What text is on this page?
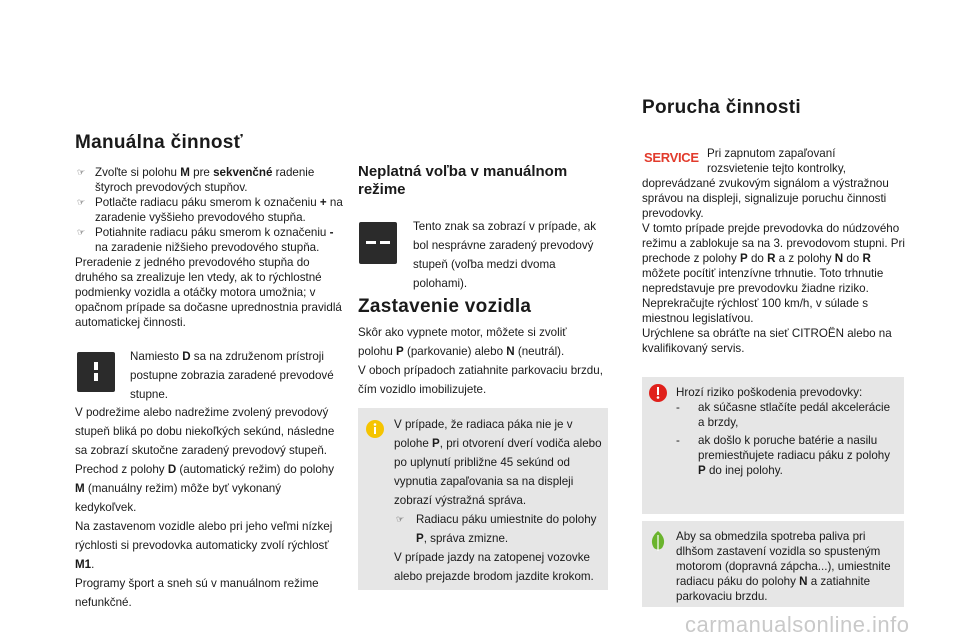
Manuálna činnosť
☞ Zvoľte si polohu M pre sekvenčné radenie štyroch prevodových stupňov.
☞ Potlačte radiacu páku smerom k označeniu + na zaradenie vyššieho prevodového stupňa.
☞ Potiahnite radiacu páku smerom k označeniu - na zaradenie nižšieho prevodového stupňa.

Preradenie z jedného prevodového stupňa do druhého sa zrealizuje len vtedy, ak to rýchlostné podmienky vozidla a otáčky motora umožnia; v opačnom prípade sa dočasne uprednostnia pravidlá automatickej činnosti.

Namiesto D sa na združenom prístroji postupne zobrazia zaradené prevodové stupne.

V podrežime alebo nadrežime zvolený prevodový stupeň bliká po dobu niekoľkých sekúnd, následne sa zobrazí skutočne zaradený prevodový stupeň.

Prechod z polohy D (automatický režim) do polohy M (manuálny režim) môže byť vykonaný kedykoľvek.

Na zastavenom vozidle alebo pri jeho veľmi nízkej rýchlosti si prevodovka automaticky zvolí rýchlosť M1.

Programy šport a sneh sú v manuálnom režime nefunkčné.

Neplatná voľba v manuálnom režime
Tento znak sa zobrazí v prípade, ak bol nesprávne zaradený prevodový stupeň (voľba medzi dvoma polohami).
Zastavenie vozidla

Skôr ako vypnete motor, môžete si zvoliť polohu P (parkovanie) alebo N (neutrál).

V oboch prípadoch zatiahnite parkovaciu brzdu, čím vozidlo imobilizujete.

V prípade, že radiaca páka nie je v polohe P, pri otvorení dverí vodiča alebo po uplynutí približne 45 sekúnd od vypnutia zapaľovania sa na displeji zobrazí výstražná správa.

☞ Radiacu páku umiestnite do polohy P, správa zmizne.

V prípade jazdy na zatopenej vozovke alebo prejazde brodom jazdite krokom.

Porucha činnosti
SERVICE Pri zapnutom zapaľovaní rozsvietenie tejto kontrolky,

doprevádzané zvukovým signálom a výstražnou správou na displeji, signalizuje poruchu činnosti prevodovky.

V tomto prípade prejde prevodovka do núdzového režimu a zablokuje sa na 3. prevodovom stupni.

Pri prechode z polohy P do R a z polohy N do R môžete pocítiť intenzívne trhnutie. Toto trhnutie nepredstavuje pre prevodovku žiadne riziko.

Neprekračujte rýchlosť 100 km/h, v súlade s miestnou legislatívou.

Urýchlene sa obráťte na sieť CITROËN alebo na kvalifikovaný servis.

Hrozí riziko poškodenia prevodovky:

- ak súčasne stlačíte pedál akcelerácie a brzdy,
- ak došlo k poruche batérie a nasilu premiestňujete radiacu páku z polohy P do inej polohy.
Aby sa obmedzila spotreba paliva pri dlhšom zastavení vozidla so spusteným motorom (dopravná zápcha...), umiestnite radiacu páku do polohy N a zatiahnite parkovaciu brzdu.
carmanualsonline.info
